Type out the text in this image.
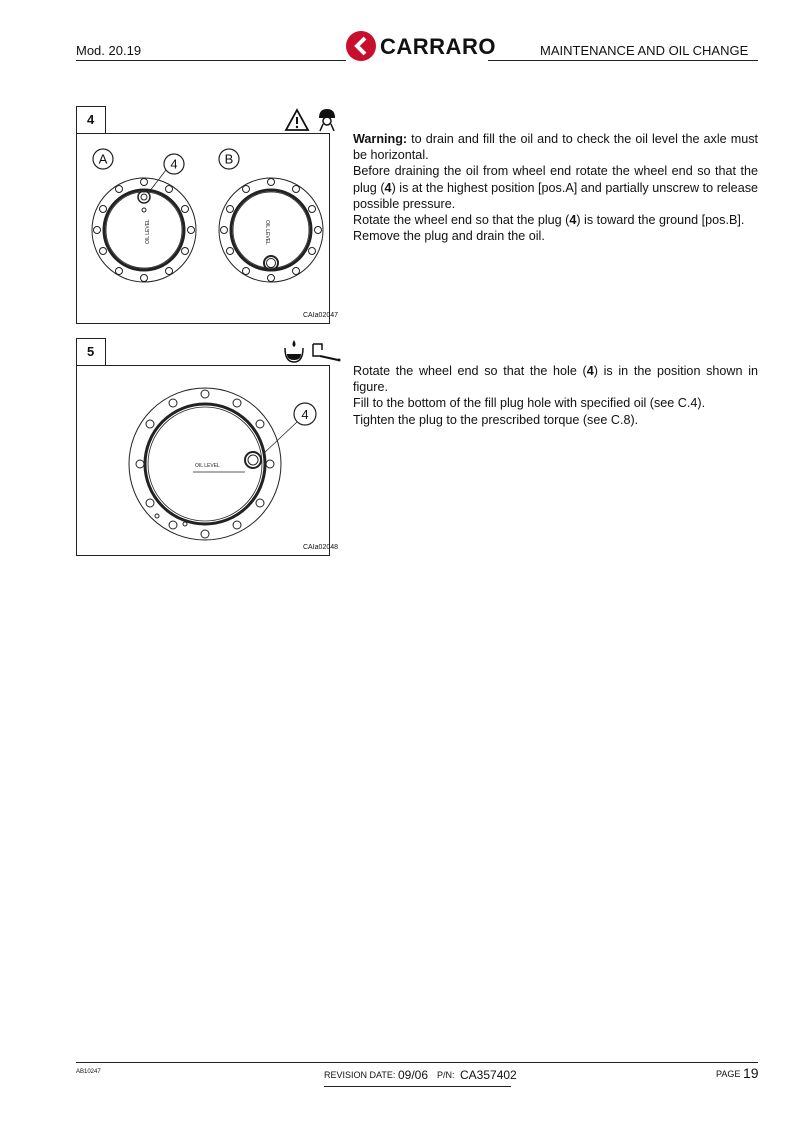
Mod. 20.19	CARRARO	MAINTENANCE AND OIL CHANGE
4
OIL LEVEL	OIL LEVEL
A	4	B
CAIa02047

Warning: to drain and fill the oil and to check the oil level the axle must be horizontal.

Before draining the oil from wheel end rotate the wheel end so that the plug (4) is at the highest position [pos.A] and partially unscrew to release possible pressure.

Rotate the wheel end so that the plug (4) is toward the ground [pos.B].

Remove the plug and drain the oil.

5
OIL LEVEL
4
CAIa02048

Rotate the wheel end so that the hole (4) is in the position shown in figure.

Fill to the bottom of the fill plug hole with specified oil (see C.4).

Tighten the plug to the prescribed torque (see C.8).

AB10247	REVISION DATE: 09/06 P/N: CA357402	PAGE 19
